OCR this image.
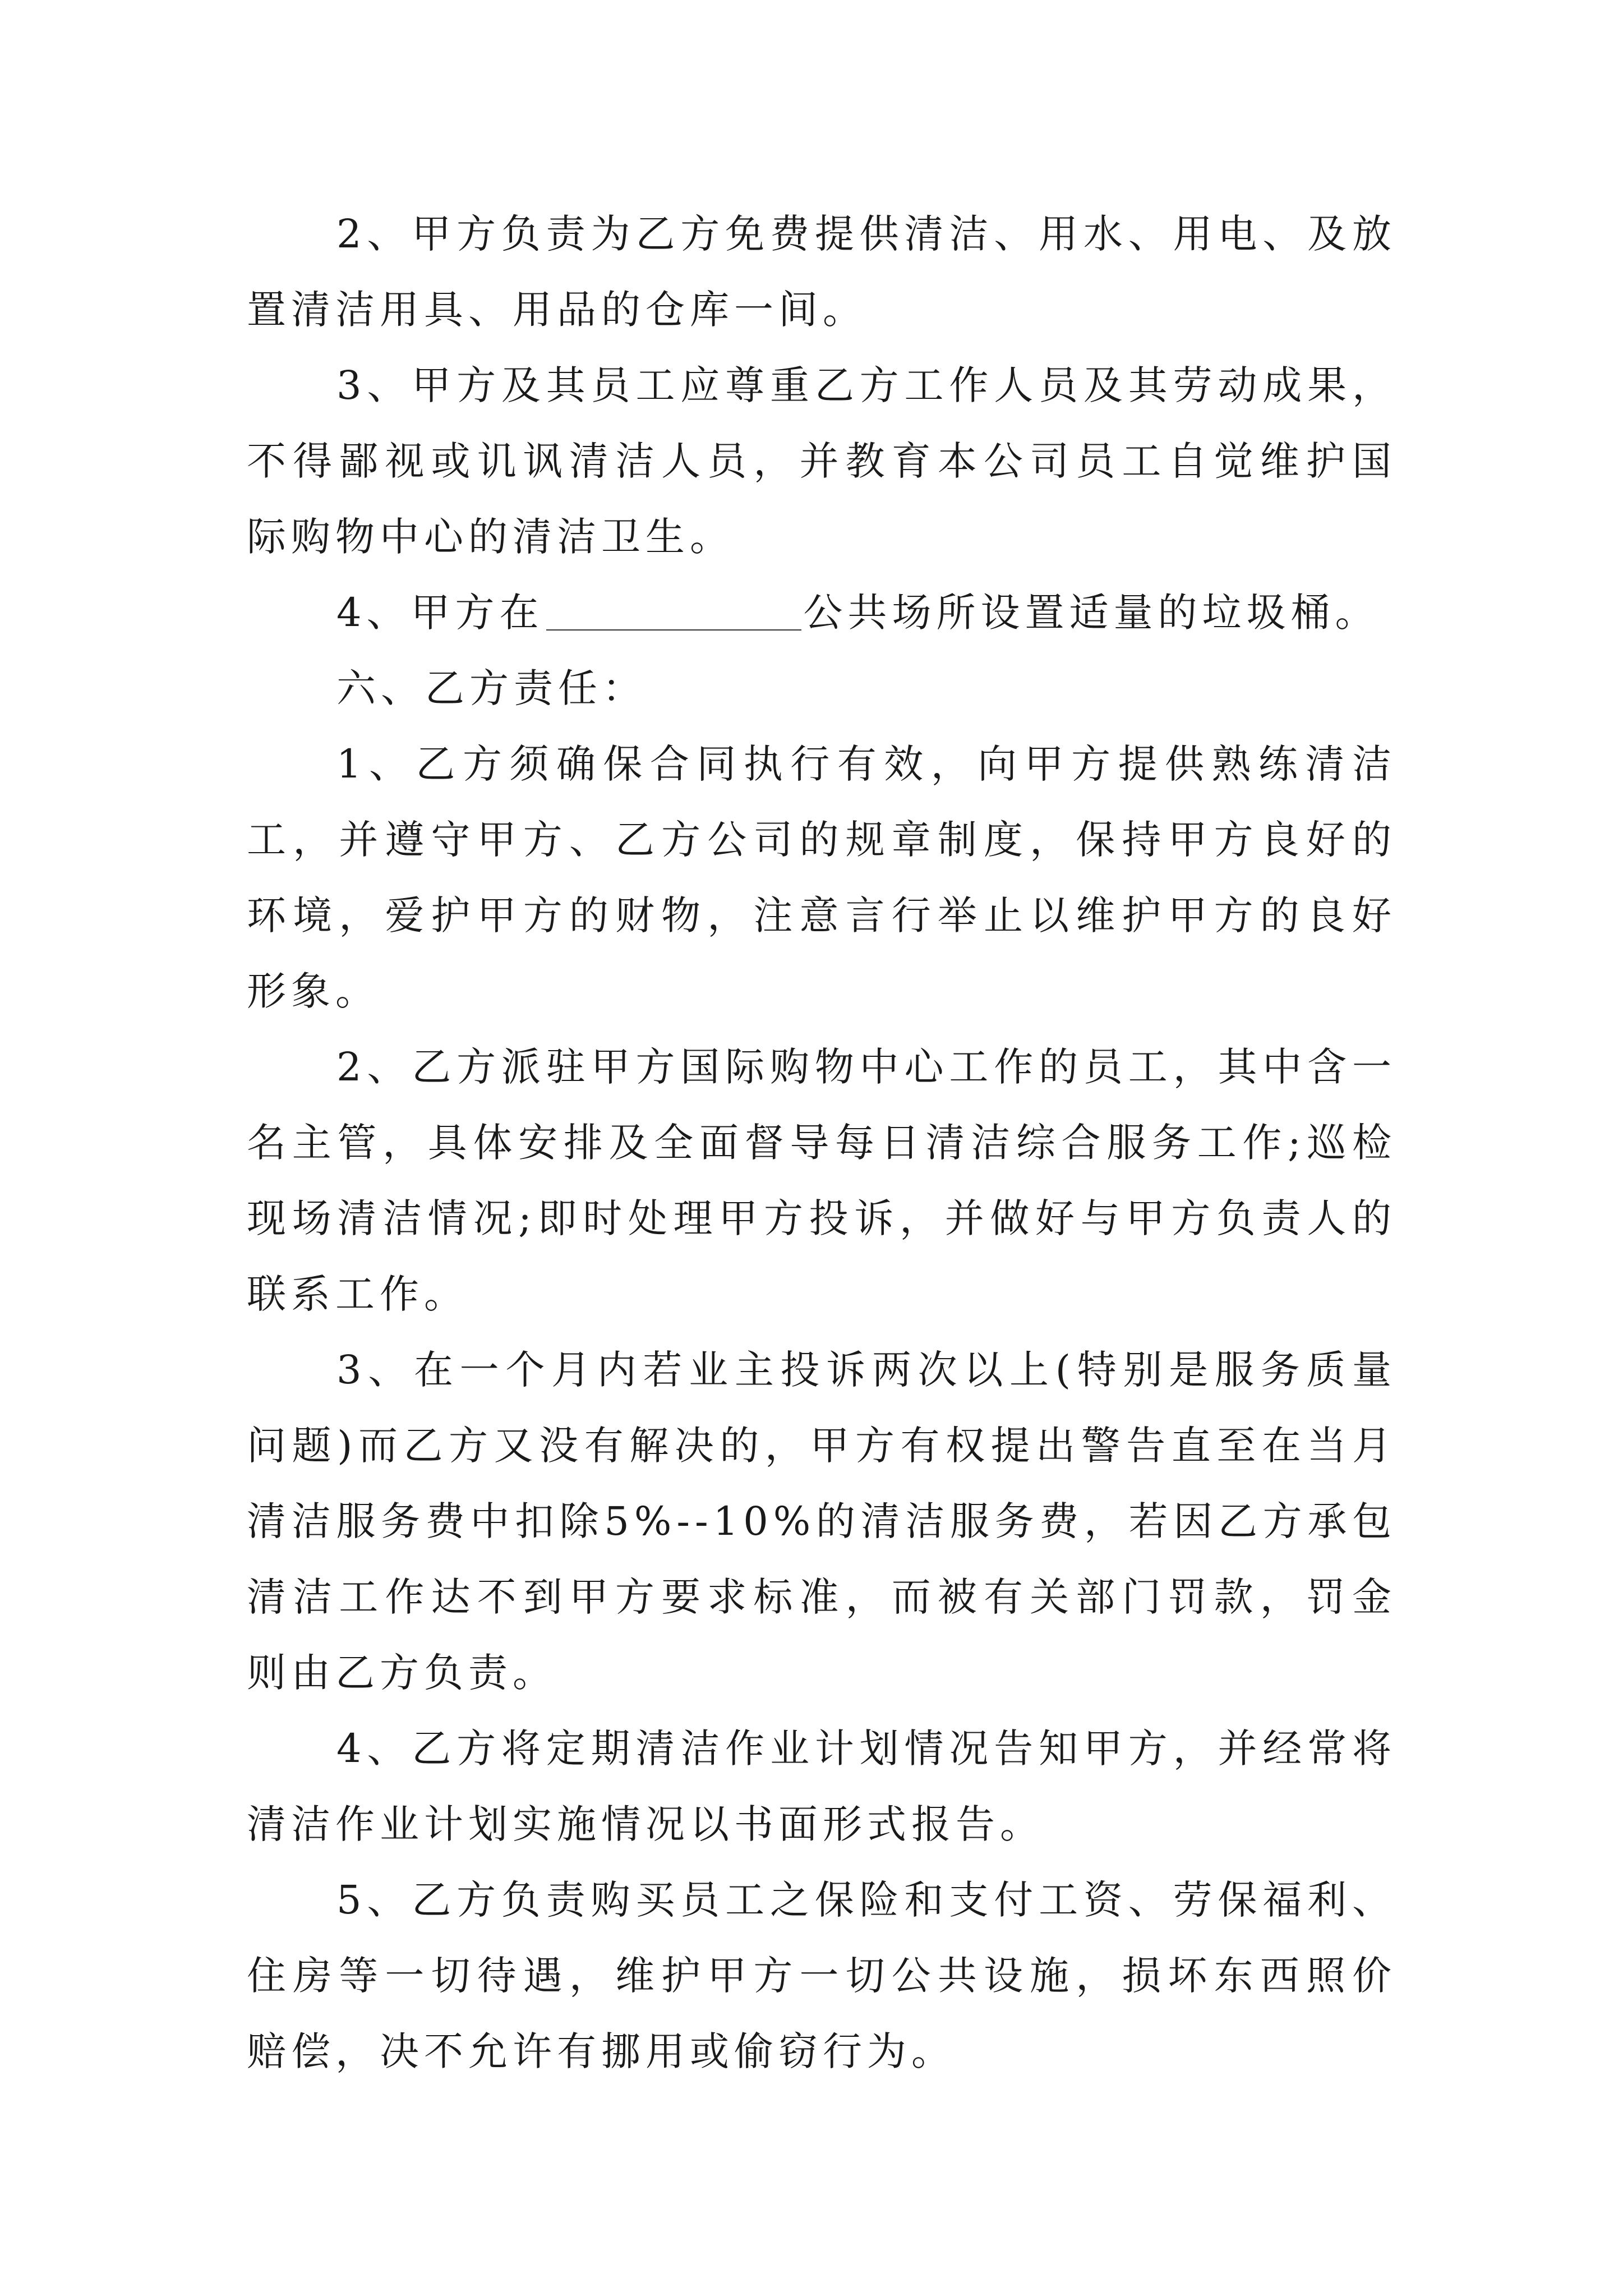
2、甲方负责为乙方免费提供清洁、用水、用电、及放置清洁用具、用品的仓库一间。

3、甲方及其员工应尊重乙方工作人员及其劳动成果，不得鄙视或讥讽清洁人员，并教育本公司员工自觉维护国际购物中心的清洁卫生。

4、甲方在	公共场所设置适量的垃圾桶。

六、乙方责任：

1、乙方须确保合同执行有效，向甲方提供熟练清洁工，并遵守甲方、乙方公司的规章制度，保持甲方良好的环境，爱护甲方的财物，注意言行举止以维护甲方的良好形象。

2、乙方派驻甲方国际购物中心工作的员工，其中含一名主管，具体安排及全面督导每日清洁综合服务工作;巡检现场清洁情况;即时处理甲方投诉，并做好与甲方负责人的联系工作。

3、在一个月内若业主投诉两次以上(特别是服务质量问题)而乙方又没有解决的，甲方有权提出警告直至在当月清洁服务费中扣除5%--10%的清洁服务费，若因乙方承包清洁工作达不到甲方要求标准，而被有关部门罚款，罚金则由乙方负责。

4、乙方将定期清洁作业计划情况告知甲方，并经常将清洁作业计划实施情况以书面形式报告。

5、乙方负责购买员工之保险和支付工资、劳保福利、住房等一切待遇，维护甲方一切公共设施，损坏东西照价赔偿，决不允许有挪用或偷窃行为。
